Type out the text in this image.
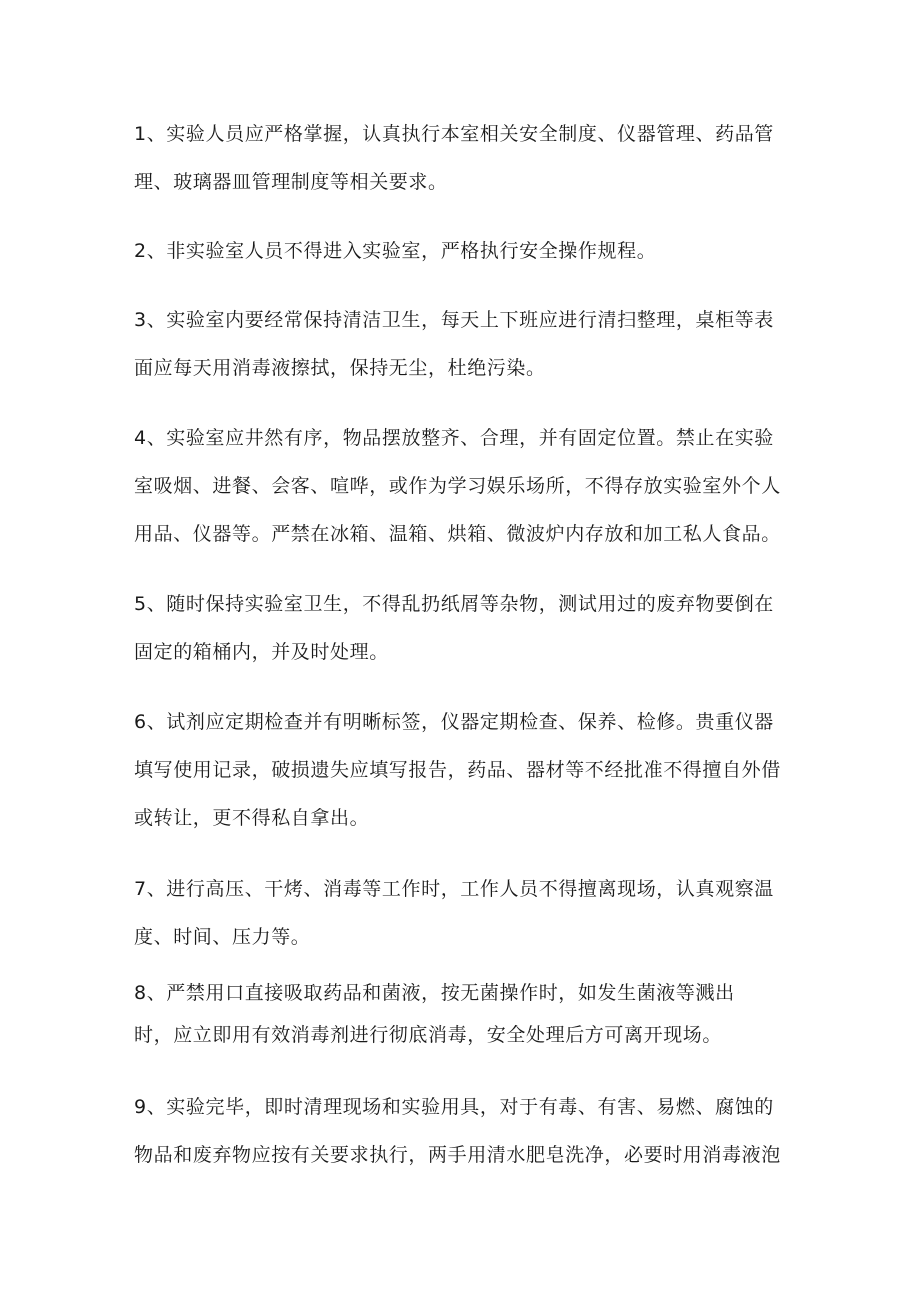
1、实验人员应严格掌握，认真执行本室相关安全制度、仪器管理、药品管
理、玻璃器皿管理制度等相关要求。
2、非实验室人员不得进入实验室，严格执行安全操作规程。
3、实验室内要经常保持清洁卫生，每天上下班应进行清扫整理，桌柜等表
面应每天用消毒液擦拭，保持无尘，杜绝污染。
4、实验室应井然有序，物品摆放整齐、合理，并有固定位置。禁止在实验
室吸烟、进餐、会客、喧哗，或作为学习娱乐场所，不得存放实验室外个人
用品、仪器等。严禁在冰箱、温箱、烘箱、微波炉内存放和加工私人食品。
5、随时保持实验室卫生，不得乱扔纸屑等杂物，测试用过的废弃物要倒在
固定的箱桶内，并及时处理。
6、试剂应定期检查并有明晰标签，仪器定期检查、保养、检修。贵重仪器
填写使用记录，破损遗失应填写报告，药品、器材等不经批准不得擅自外借
或转让，更不得私自拿出。
7、进行高压、干烤、消毒等工作时，工作人员不得擅离现场，认真观察温
度、时间、压力等。
8、严禁用口直接吸取药品和菌液，按无菌操作时，如发生菌液等溅出
时，应立即用有效消毒剂进行彻底消毒，安全处理后方可离开现场。
9、实验完毕，即时清理现场和实验用具，对于有毒、有害、易燃、腐蚀的
物品和废弃物应按有关要求执行，两手用清水肥皂洗净，必要时用消毒液泡
